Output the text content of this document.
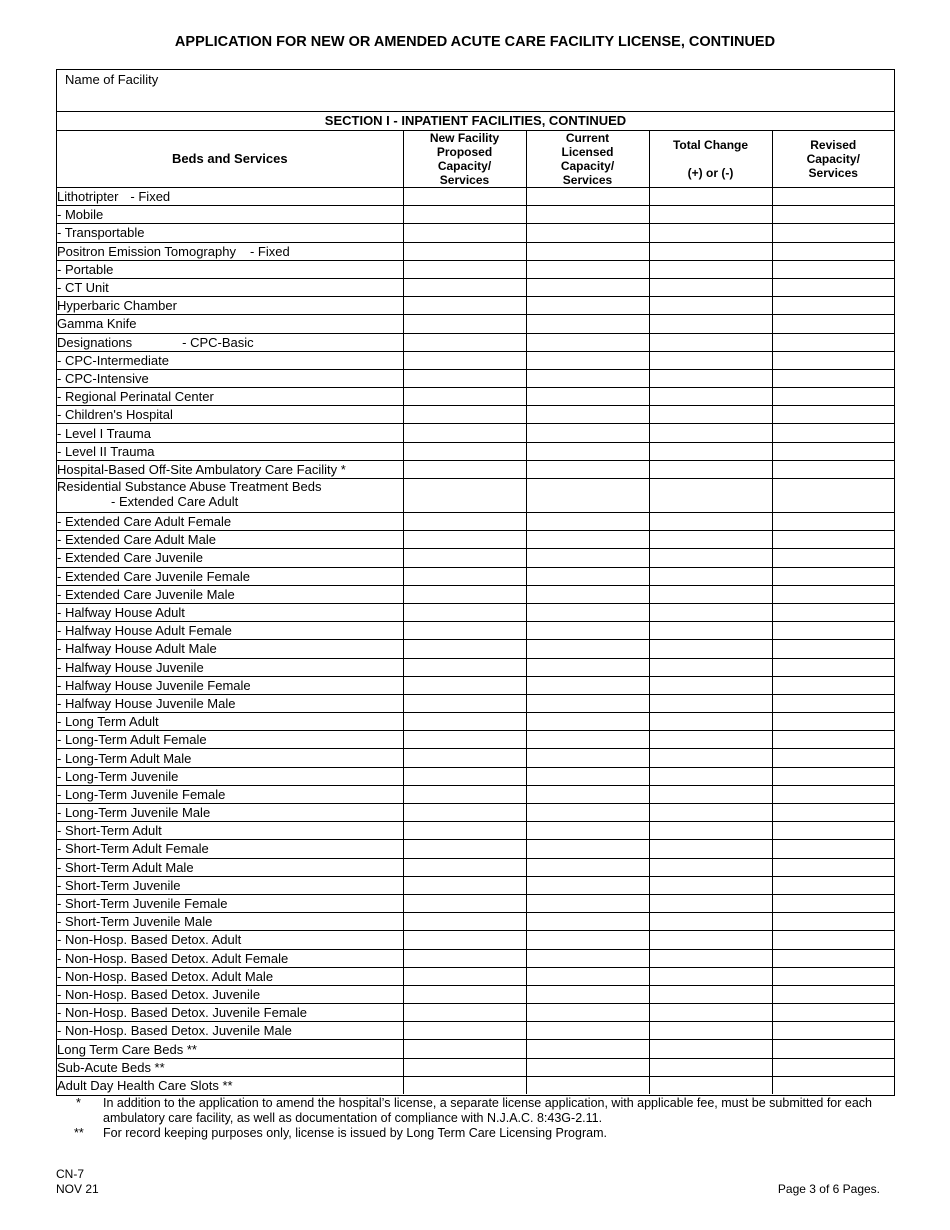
APPLICATION FOR NEW OR AMENDED ACUTE CARE FACILITY LICENSE, CONTINUED
Name of Facility
SECTION I - INPATIENT FACILITIES, CONTINUED
Beds and Services	New Facility
Proposed
Capacity/
Services	Current
Licensed
Capacity/
Services	Total Change
(+) or (-)	Revised
Capacity/
Services
Lithotripter - Fixed				
- Mobile				
- Transportable				
Positron Emission Tomography - Fixed				
- Portable				
- CT Unit				
Hyperbaric Chamber				
Gamma Knife				
Designations - CPC-Basic				
- CPC-Intermediate				
- CPC-Intensive				
- Regional Perinatal Center				
- Children's Hospital				
- Level I Trauma				
- Level II Trauma				
Hospital-Based Off-Site Ambulatory Care Facility *				
Residential Substance Abuse Treatment Beds
- Extended Care Adult				

- Extended Care Adult Female				
- Extended Care Adult Male				
- Extended Care Juvenile				
- Extended Care Juvenile Female				
- Extended Care Juvenile Male				
- Halfway House Adult				
- Halfway House Adult Female				
- Halfway House Adult Male				
- Halfway House Juvenile				
- Halfway House Juvenile Female				
- Halfway House Juvenile Male				
- Long Term Adult				
- Long-Term Adult Female				
- Long-Term Adult Male				
- Long-Term Juvenile				
- Long-Term Juvenile Female				
- Long-Term Juvenile Male				
- Short-Term Adult				
- Short-Term Adult Female				
- Short-Term Adult Male				
- Short-Term Juvenile				
- Short-Term Juvenile Female				
- Short-Term Juvenile Male				
- Non-Hosp. Based Detox. Adult				
- Non-Hosp. Based Detox. Adult Female				
- Non-Hosp. Based Detox. Adult Male				
- Non-Hosp. Based Detox. Juvenile				
- Non-Hosp. Based Detox. Juvenile Female				
- Non-Hosp. Based Detox. Juvenile Male				
Long Term Care Beds **				
Sub-Acute Beds **				
Adult Day Health Care Slots **				
* In addition to the application to amend the hospital’s license, a separate license application, with applicable fee, must be submitted for each ambulatory care facility, as well as documentation of compliance with N.J.A.C. 8:43G-2.11.
** For record keeping purposes only, license is issued by Long Term Care Licensing Program.
CN-7
NOV 21	Page 3 of 6 Pages.
